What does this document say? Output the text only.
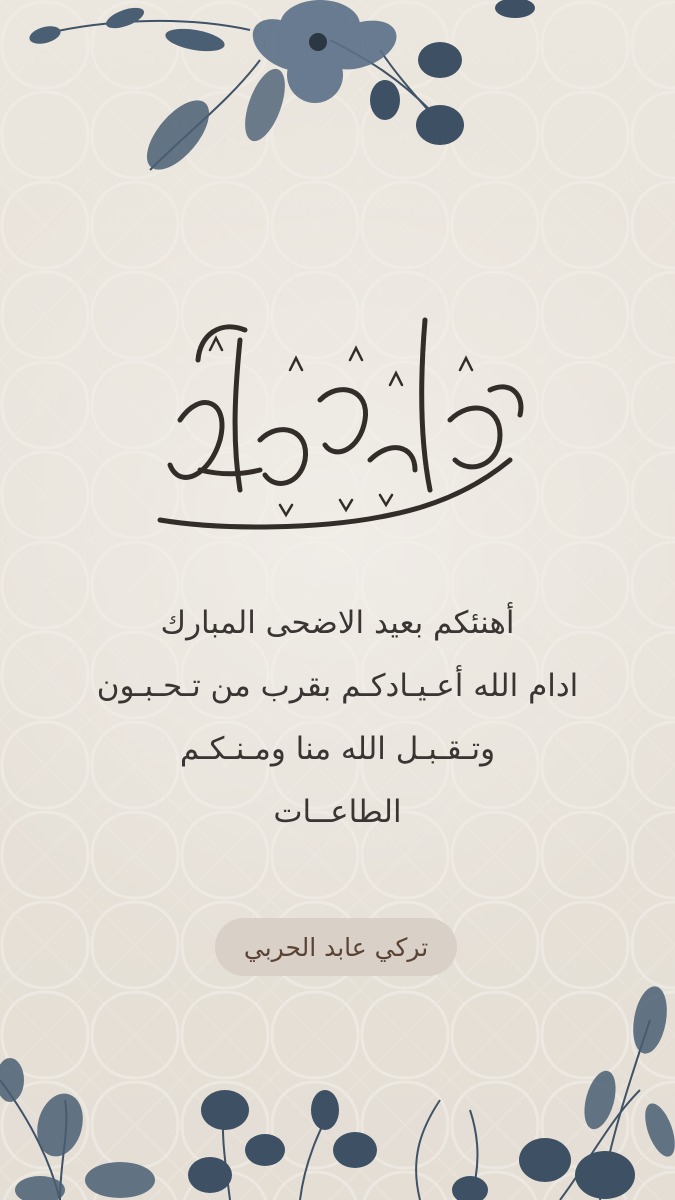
أهنئكم بعيد الاضحى المبارك
ادام الله أعـيـادكـم بقرب من تـحـبـون
وتـقـبـل الله منا ومـنـكـم
الطاعــات
تركي عابد الحربي
